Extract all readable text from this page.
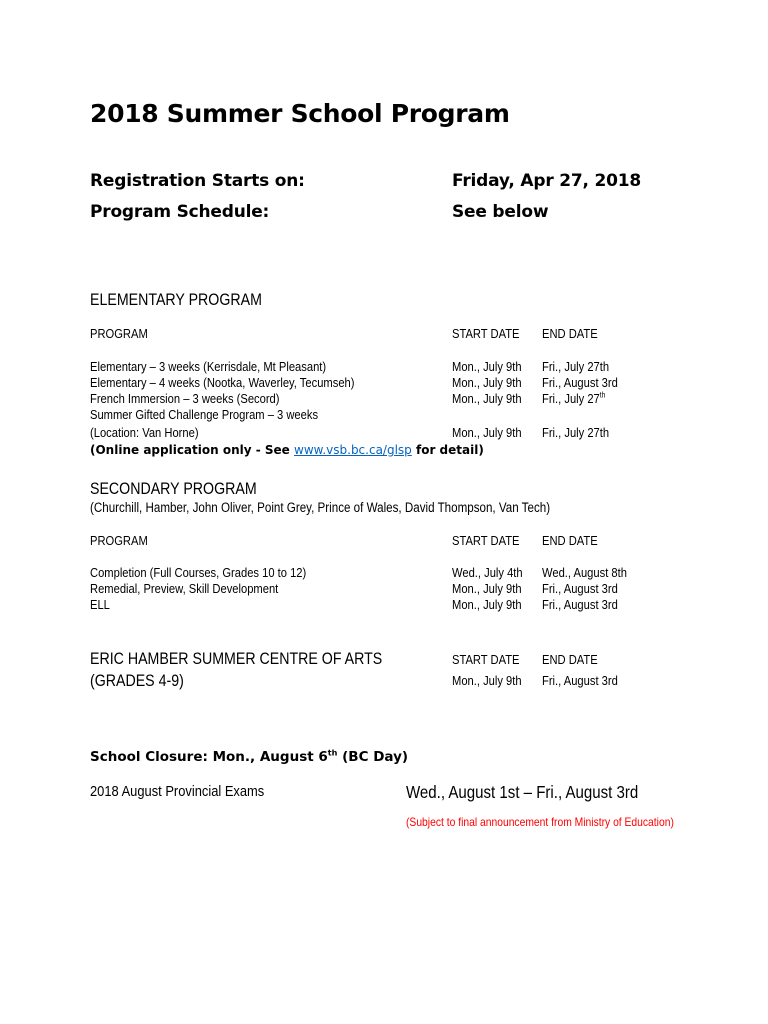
2018 Summer School Program
Registration Starts on:	Friday, Apr 27, 2018
Program Schedule:	See below
ELEMENTARY PROGRAM
PROGRAM	START DATE	END DATE
Elementary – 3 weeks (Kerrisdale, Mt Pleasant)	Mon., July 9th	Fri., July 27th
Elementary – 4 weeks (Nootka, Waverley, Tecumseh)	Mon., July 9th	Fri., August 3rd
French Immersion – 3 weeks (Secord)	Mon., July 9th	Fri., July 27th
Summer Gifted Challenge Program – 3 weeks
(Location: Van Horne)	Mon., July 9th	Fri., July 27th
(Online application only - See www.vsb.bc.ca/glsp for detail)
SECONDARY PROGRAM
(Churchill, Hamber, John Oliver, Point Grey, Prince of Wales, David Thompson, Van Tech)
PROGRAM	START DATE	END DATE
Completion (Full Courses, Grades 10 to 12)	Wed., July 4th	Wed., August 8th
Remedial, Preview, Skill Development	Mon., July 9th	Fri., August 3rd
ELL	Mon., July 9th	Fri., August 3rd
ERIC HAMBER SUMMER CENTRE OF ARTS
(GRADES 4-9)
START DATE	END DATE
Mon., July 9th	Fri., August 3rd
School Closure: Mon., August 6th (BC Day)
2018 August Provincial Exams	Wed., August 1st – Fri., August 3rd
(Subject to final announcement from Ministry of Education)
